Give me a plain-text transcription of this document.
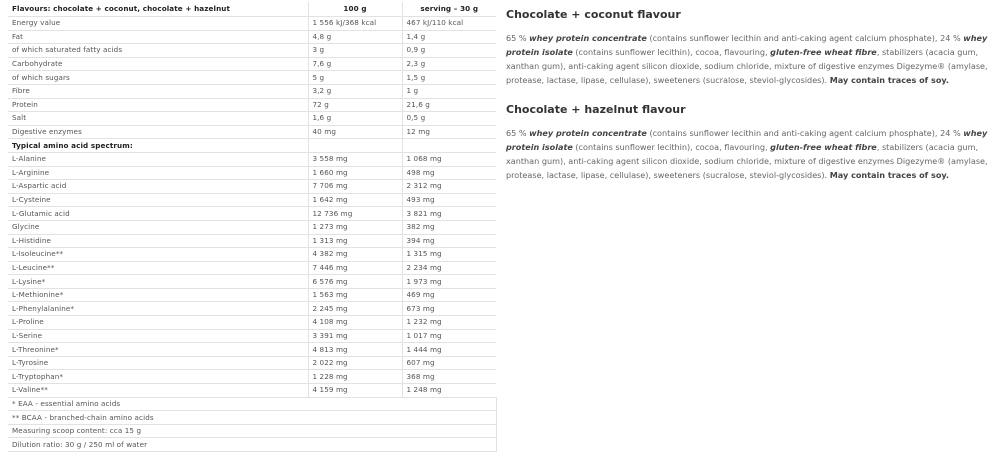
Flavours: chocolate + coconut, chocolate + hazelnut	100 g	serving – 30 g
Energy value	1 556 kJ/368 kcal	467 kJ/110 kcal
Fat	4,8 g	1,4 g
of which saturated fatty acids	3 g	0,9 g
Carbohydrate	7,6 g	2,3 g
of which sugars	5 g	1,5 g
Fibre	3,2 g	1 g
Protein	72 g	21,6 g
Salt	1,6 g	0,5 g
Digestive enzymes	40 mg	12 mg
Typical amino acid spectrum:		
L-Alanine	3 558 mg	1 068 mg
L-Arginine	1 660 mg	498 mg
L-Aspartic acid	7 706 mg	2 312 mg
L-Cysteine	1 642 mg	493 mg
L-Glutamic acid	12 736 mg	3 821 mg
Glycine	1 273 mg	382 mg
L-Histidine	1 313 mg	394 mg
L-Isoleucine**	4 382 mg	1 315 mg
L-Leucine**	7 446 mg	2 234 mg
L-Lysine*	6 576 mg	1 973 mg
L-Methionine*	1 563 mg	469 mg
L-Phenylalanine*	2 245 mg	673 mg
L-Proline	4 108 mg	1 232 mg
L-Serine	3 391 mg	1 017 mg
L-Threonine*	4 813 mg	1 444 mg
L-Tyrosine	2 022 mg	607 mg
L-Tryptophan*	1 228 mg	368 mg
L-Valine**	4 159 mg	1 248 mg
* EAA - essential amino acids		
** BCAA - branched-chain amino acids		
Measuring scoop content: cca 15 g		
Dilution ratio: 30 g / 250 ml of water		
Chocolate + coconut flavour

65 % whey protein concentrate (contains sunflower lecithin and anti-caking agent calcium phosphate), 24 % whey protein isolate (contains sunflower lecithin), cocoa, flavouring, gluten-free wheat fibre, stabilizers (acacia gum, xanthan gum), anti-caking agent silicon dioxide, sodium chloride, mixture of digestive enzymes Digezyme® (amylase, protease, lactase, lipase, cellulase), sweeteners (sucralose, steviol-glycosides). May contain traces of soy.

Chocolate + hazelnut flavour

65 % whey protein concentrate (contains sunflower lecithin and anti-caking agent calcium phosphate), 24 % whey protein isolate (contains sunflower lecithin), cocoa, flavouring, gluten-free wheat fibre, stabilizers (acacia gum, xanthan gum), anti-caking agent silicon dioxide, sodium chloride, mixture of digestive enzymes Digezyme® (amylase, protease, lactase, lipase, cellulase), sweeteners (sucralose, steviol-glycosides). May contain traces of soy.
